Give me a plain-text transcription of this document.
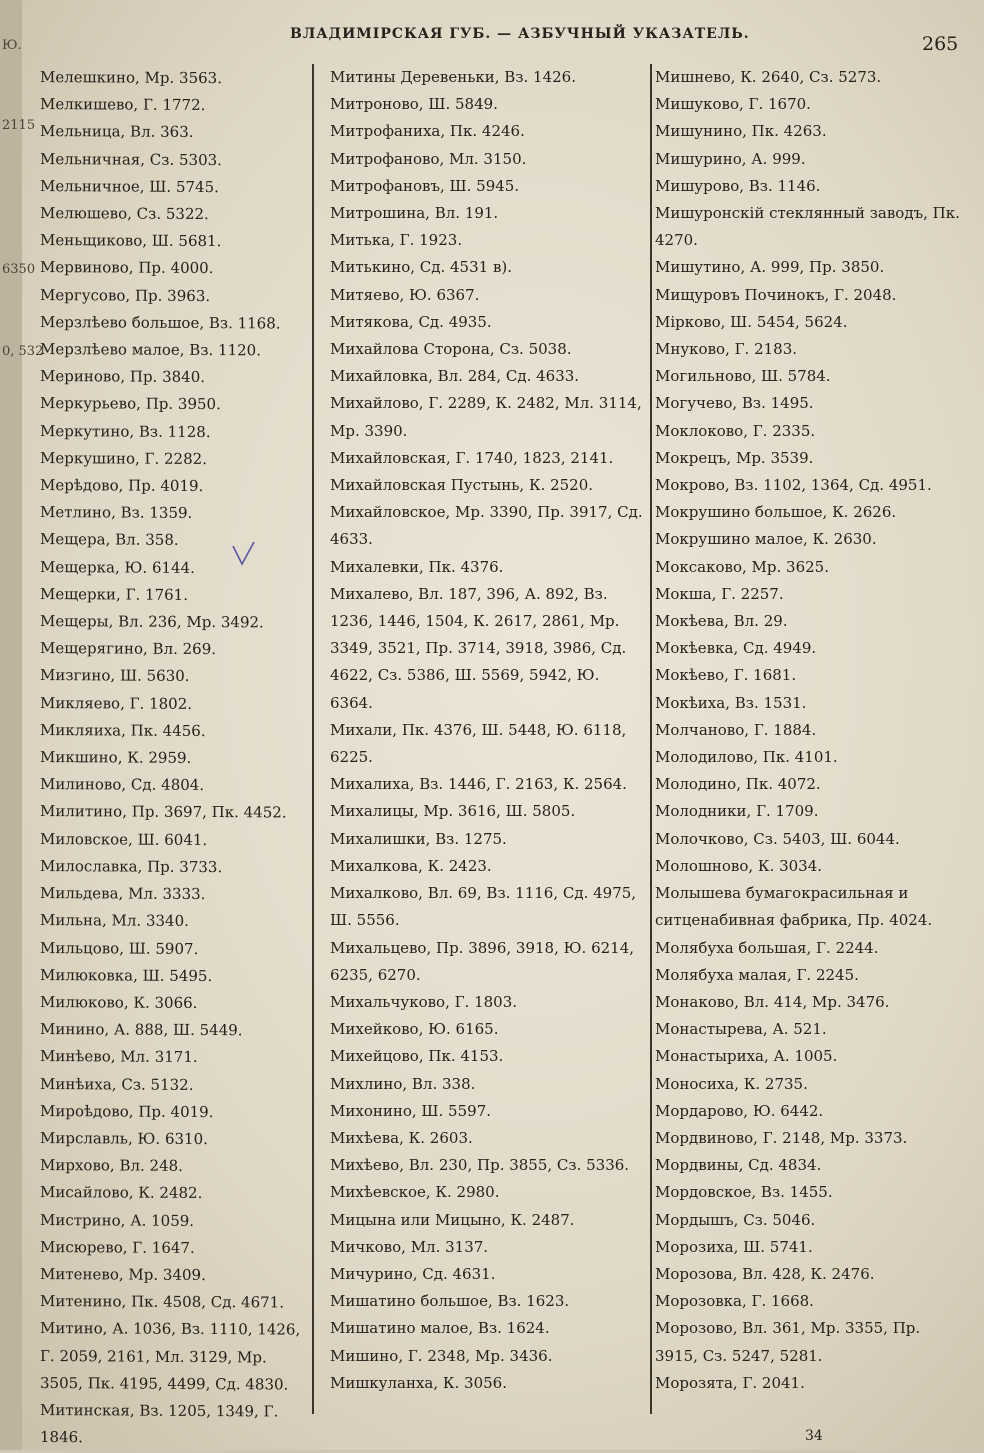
Ю.
2115
6350
0, 532
ВЛАДИМІРСКАЯ ГУБ. — АЗБУЧНЫЙ УКАЗАТЕЛЬ.	265
Мелешкино, Мр. 3563.
Мелкишево, Г. 1772.
Мельница, Вл. 363.
Мельничная, Сз. 5303.
Мельничное, Ш. 5745.
Мелюшево, Сз. 5322.
Меньщиково, Ш. 5681.
Мервиново, Пр. 4000.
Мергусово, Пр. 3963.
Мерзлѣево большое, Вз. 1168.
Мерзлѣево малое, Вз. 1120.
Мериново, Пр. 3840.
Меркурьево, Пр. 3950.
Меркутино, Вз. 1128.
Меркушино, Г. 2282.
Мерѣдово, Пр. 4019.
Метлино, Вз. 1359.
Мещера, Вл. 358.
Мещерка, Ю. 6144.
Мещерки, Г. 1761.
Мещеры, Вл. 236, Мр. 3492.
Мещерягино, Вл. 269.
Мизгино, Ш. 5630.
Микляево, Г. 1802.
Микляиха, Пк. 4456.
Микшино, К. 2959.
Милиново, Сд. 4804.
Милитино, Пр. 3697, Пк. 4452.
Миловское, Ш. 6041.
Милославка, Пр. 3733.
Мильдева, Мл. 3333.
Мильна, Мл. 3340.
Мильцово, Ш. 5907.
Милюковка, Ш. 5495.
Милюково, К. 3066.
Минино, А. 888, Ш. 5449.
Минѣево, Мл. 3171.
Минѣиха, Сз. 5132.
Мироѣдово, Пр. 4019.
Мирславль, Ю. 6310.
Мирхово, Вл. 248.
Мисайлово, К. 2482.
Мистрино, А. 1059.
Мисюрево, Г. 1647.
Митенево, Мр. 3409.
Митенино, Пк. 4508, Сд. 4671.
Митино, А. 1036, Вз. 1110, 1426, Г. 2059, 2161, Мл. 3129, Мр. 3505, Пк. 4195, 4499, Сд. 4830.
Митинская, Вз. 1205, 1349, Г. 1846.
Митины Деревеньки, Вз. 1426.
Митроново, Ш. 5849.
Митрофаниха, Пк. 4246.
Митрофаново, Мл. 3150.
Митрофановъ, Ш. 5945.
Митрошина, Вл. 191.
Митька, Г. 1923.
Митькино, Сд. 4531 в).
Митяево, Ю. 6367.
Митякова, Сд. 4935.
Михайлова Сторона, Сз. 5038.
Михайловка, Вл. 284, Сд. 4633.
Михайлово, Г. 2289, К. 2482, Мл. 3114, Мр. 3390.
Михайловская, Г. 1740, 1823, 2141.
Михайловская Пустынь, К. 2520.
Михайловское, Мр. 3390, Пр. 3917, Сд. 4633.
Михалевки, Пк. 4376.
Михалево, Вл. 187, 396, А. 892, Вз. 1236, 1446, 1504, К. 2617, 2861, Мр. 3349, 3521, Пр. 3714, 3918, 3986, Сд. 4622, Сз. 5386, Ш. 5569, 5942, Ю. 6364.
Михали, Пк. 4376, Ш. 5448, Ю. 6118, 6225.
Михалиха, Вз. 1446, Г. 2163, К. 2564.
Михалицы, Мр. 3616, Ш. 5805.
Михалишки, Вз. 1275.
Михалкова, К. 2423.
Михалково, Вл. 69, Вз. 1116, Сд. 4975, Ш. 5556.
Михальцево, Пр. 3896, 3918, Ю. 6214, 6235, 6270.
Михальчуково, Г. 1803.
Михейково, Ю. 6165.
Михейцово, Пк. 4153.
Михлино, Вл. 338.
Михонино, Ш. 5597.
Михѣева, К. 2603.
Михѣево, Вл. 230, Пр. 3855, Сз. 5336.
Михѣевское, К. 2980.
Мицына или Мицыно, К. 2487.
Мичково, Мл. 3137.
Мичурино, Сд. 4631.
Мишатино большое, Вз. 1623.
Мишатино малое, Вз. 1624.
Мишино, Г. 2348, Мр. 3436.
Мишкуланха, К. 3056.
Мишнево, К. 2640, Сз. 5273.
Мишуково, Г. 1670.
Мишунино, Пк. 4263.
Мишурино, А. 999.
Мишурово, Вз. 1146.
Мишуронскій стеклянный заводъ, Пк. 4270.
Мишутино, А. 999, Пр. 3850.
Мищуровъ Починокъ, Г. 2048.
Мірково, Ш. 5454, 5624.
Мнуково, Г. 2183.
Могильново, Ш. 5784.
Могучево, Вз. 1495.
Моклоково, Г. 2335.
Мокрецъ, Мр. 3539.
Мокрово, Вз. 1102, 1364, Сд. 4951.
Мокрушино большое, К. 2626.
Мокрушино малое, К. 2630.
Моксаково, Мр. 3625.
Мокша, Г. 2257.
Мокѣева, Вл. 29.
Мокѣевка, Сд. 4949.
Мокѣево, Г. 1681.
Мокѣиха, Вз. 1531.
Молчаново, Г. 1884.
Молодилово, Пк. 4101.
Молодино, Пк. 4072.
Молодники, Г. 1709.
Молочково, Сз. 5403, Ш. 6044.
Молошново, К. 3034.
Молышева бумагокрасильная и ситценабивная фабрика, Пр. 4024.
Молябуха большая, Г. 2244.
Молябуха малая, Г. 2245.
Монаково, Вл. 414, Мр. 3476.
Монастырева, А. 521.
Монастыриха, А. 1005.
Моносиха, К. 2735.
Мордарово, Ю. 6442.
Мордвиново, Г. 2148, Мр. 3373.
Мордвины, Сд. 4834.
Мордовское, Вз. 1455.
Мордышъ, Сз. 5046.
Морозиха, Ш. 5741.
Морозова, Вл. 428, К. 2476.
Морозовка, Г. 1668.
Морозово, Вл. 361, Мр. 3355, Пр. 3915, Сз. 5247, 5281.
Морозята, Г. 2041.
34
